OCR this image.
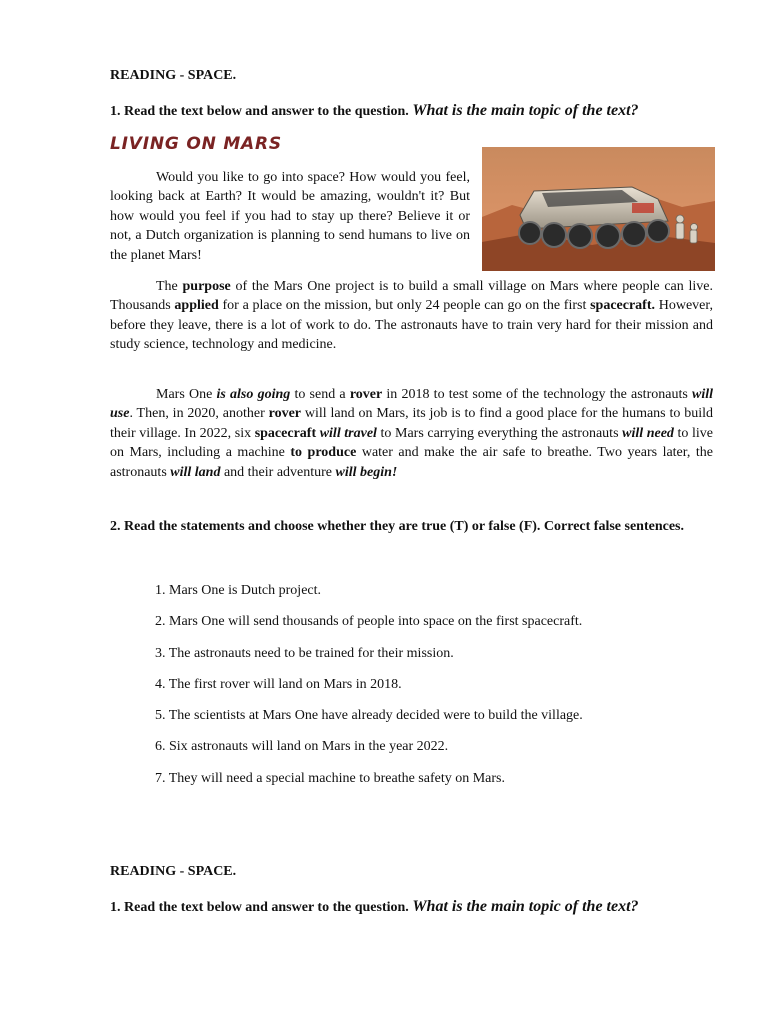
READING - SPACE.
1. Read the text below and answer to the question. What is the main topic of the text?
LIVING ON MARS
Would you like to go into space? How would you feel, looking back at Earth? It would be amazing, wouldn't it? But how would you feel if you had to stay up there? Believe it or not, a Dutch organization is planning to send humans to live on the planet Mars!
The purpose of the Mars One project is to build a small village on Mars where people can live. Thousands applied for a place on the mission, but only 24 people can go on the first spacecraft. However, before they leave, there is a lot of work to do. The astronauts have to train very hard for their mission and study science, technology and medicine.
Mars One is also going to send a rover in 2018 to test some of the technology the astronauts will use. Then, in 2020, another rover will land on Mars, its job is to find a good place for the humans to build their village. In 2022, six spacecraft will travel to Mars carrying everything the astronauts will need to live on Mars, including a machine to produce water and make the air safe to breathe. Two years later, the astronauts will land and their adventure will begin!
2. Read the statements and choose whether they are true (T) or false (F). Correct false sentences.
1. Mars One is Dutch project.
2. Mars One will send thousands of people into space on the first spacecraft.
3. The astronauts need to be trained for their mission.
4. The first rover will land on Mars in 2018.
5. The scientists at Mars One have already decided were to build the village.
6. Six astronauts will land on Mars in the year 2022.
7. They will need a special machine to breathe safety on Mars.
READING - SPACE.
1. Read the text below and answer to the question. What is the main topic of the text?
